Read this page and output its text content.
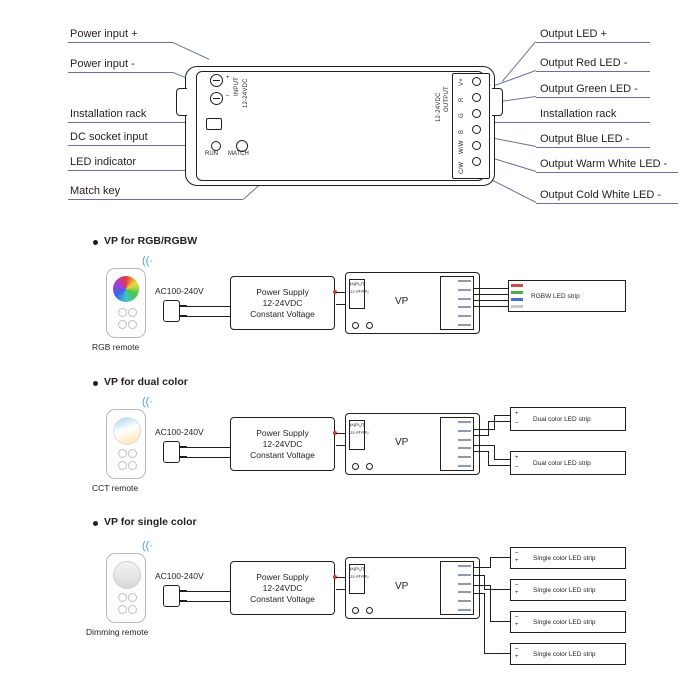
Power input +
Power input -
Installation rack
DC socket input
LED indicator
Match key
Output LED +
Output Red LED -
Output Green LED -
Installation rack
Output Blue LED -
Output Warm White LED -
Output Cold White LED -
INPUT 12-24VDC
+
–
RUN MATCH
V+
R
G
B
W/W
C/W
OUTPUT
12-24VDC
VP for RGB/RGBW
((·
RGB remote
AC100-240V	Power Supply
12-24VDC
Constant Voltage
VP
INPUT
12-24VDC
RGBW LED strip
VP for dual color
((·
CCT remote
AC100-240V	Power Supply
12-24VDC
Constant Voltage
VP
INPUT
12-24VDC
Dual color LED strip
+
–
Dual color LED strip
+
–
VP for single color
((·
Dimming remote
AC100-240V	Power Supply
12-24VDC
Constant Voltage
VP
INPUT
12-24VDC
Single color LED strip
–
+
Single color LED strip
–
+
Single color LED strip
–
+
Single color LED strip
–
+
